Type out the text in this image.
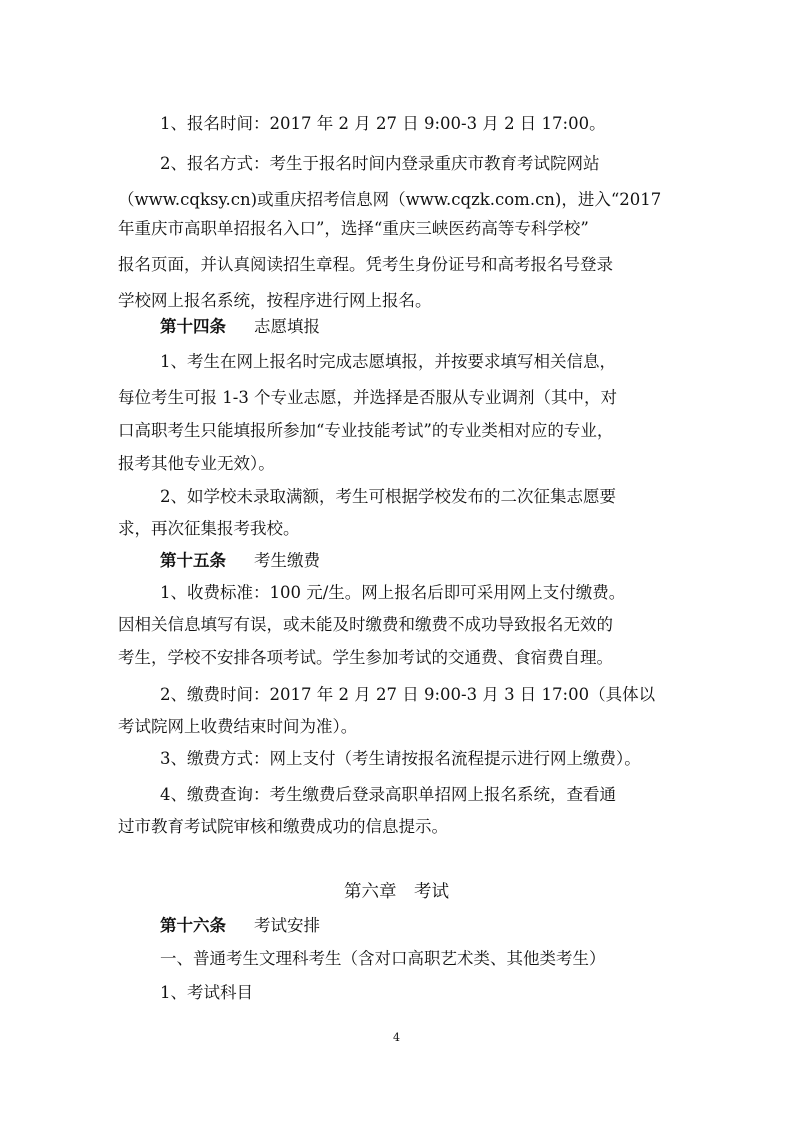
1、报名时间：2017 年 2 月 27 日 9:00-3 月 2 日 17:00。
2、报名方式：考生于报名时间内登录重庆市教育考试院网站
（www.cqksy.cn)或重庆招考信息网（www.cqzk.com.cn)，进入“2017
年重庆市高职单招报名入口”，选择“重庆三峡医药高等专科学校”
报名页面，并认真阅读招生章程。凭考生身份证号和高考报名号登录
学校网上报名系统，按程序进行网上报名。
第十四条 志愿填报
1、考生在网上报名时完成志愿填报，并按要求填写相关信息，
每位考生可报 1-3 个专业志愿，并选择是否服从专业调剂（其中，对
口高职考生只能填报所参加“专业技能考试”的专业类相对应的专业，
报考其他专业无效）。
2、如学校未录取满额，考生可根据学校发布的二次征集志愿要
求，再次征集报考我校。
第十五条 考生缴费
1、收费标准：100 元/生。网上报名后即可采用网上支付缴费。
因相关信息填写有误，或未能及时缴费和缴费不成功导致报名无效的
考生，学校不安排各项考试。学生参加考试的交通费、食宿费自理。
2、缴费时间：2017 年 2 月 27 日 9:00-3 月 3 日 17:00（具体以
考试院网上收费结束时间为准）。
3、缴费方式：网上支付（考生请按报名流程提示进行网上缴费）。
4、缴费查询：考生缴费后登录高职单招网上报名系统，查看通
过市教育考试院审核和缴费成功的信息提示。
第六章　考试
第十六条 考试安排
一、普通考生文理科考生（含对口高职艺术类、其他类考生）
1、考试科目
4
